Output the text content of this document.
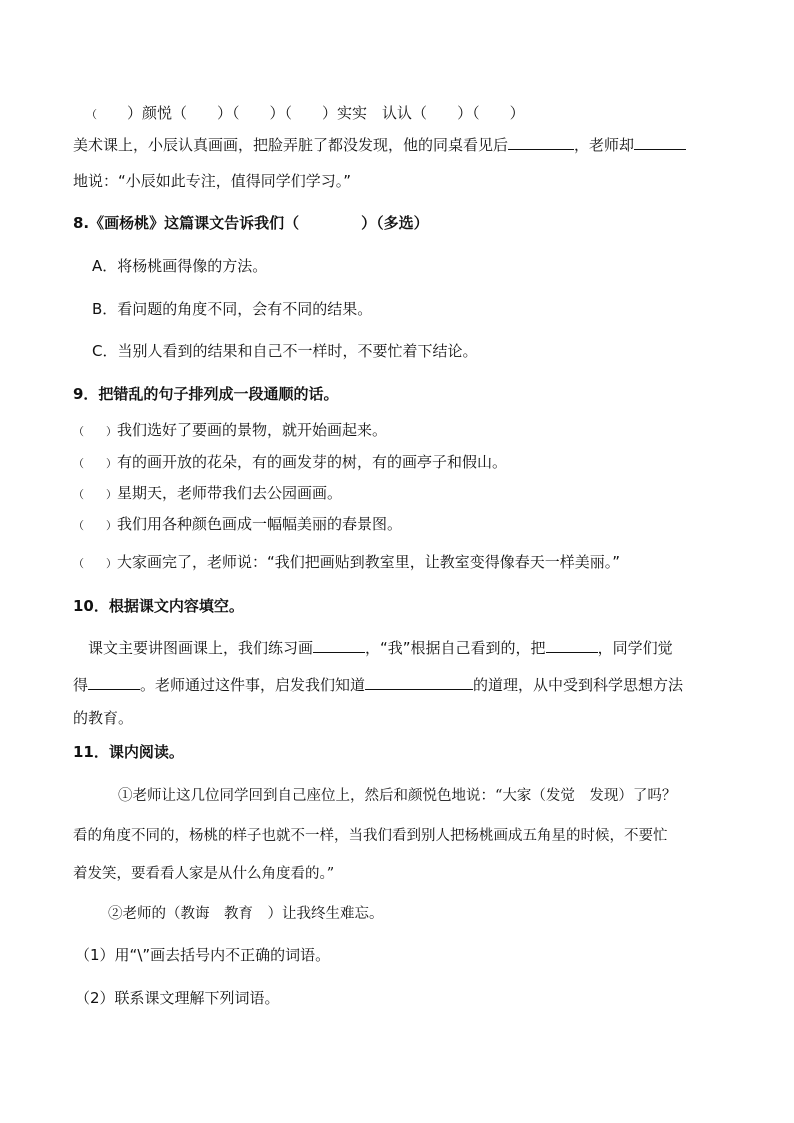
（ ）颜悦（ ）（ ）（ ）实实　认认（ ）（ ）
美术课上，小辰认真画画，把脸弄脏了都没发现，他的同桌看见后	，老师却
地说：“小辰如此专注，值得同学们学习。”
8.《画杨桃》这篇课文告诉我们（	）（多选）
A．将杨桃画得像的方法。
B．看问题的角度不同，会有不同的结果。
C．当别人看到的结果和自己不一样时，不要忙着下结论。
9．把错乱的句子排列成一段通顺的话。
（ ）我们选好了要画的景物，就开始画起来。
（ ）有的画开放的花朵，有的画发芽的树，有的画亭子和假山。
（ ）星期天，老师带我们去公园画画。
（ ）我们用各种颜色画成一幅幅美丽的春景图。
（ ）大家画完了，老师说：“我们把画贴到教室里，让教室变得像春天一样美丽。”
10．根据课文内容填空。
课文主要讲图画课上，我们练习画	，“我”根据自己看到的，把	，同学们觉
得	。老师通过这件事，启发我们知道	的道理，从中受到科学思想方法
的教育。
11．课内阅读。
①老师让这几位同学回到自己座位上，然后和颜悦色地说：“大家（发觉　发现）了吗？
看的角度不同的，杨桃的样子也就不一样，当我们看到别人把杨桃画成五角星的时候，不要忙
着发笑，要看看人家是从什么角度看的。”
②老师的（教诲　教育　）让我终生难忘。
（1）用“\”画去括号内不正确的词语。
（2）联系课文理解下列词语。
